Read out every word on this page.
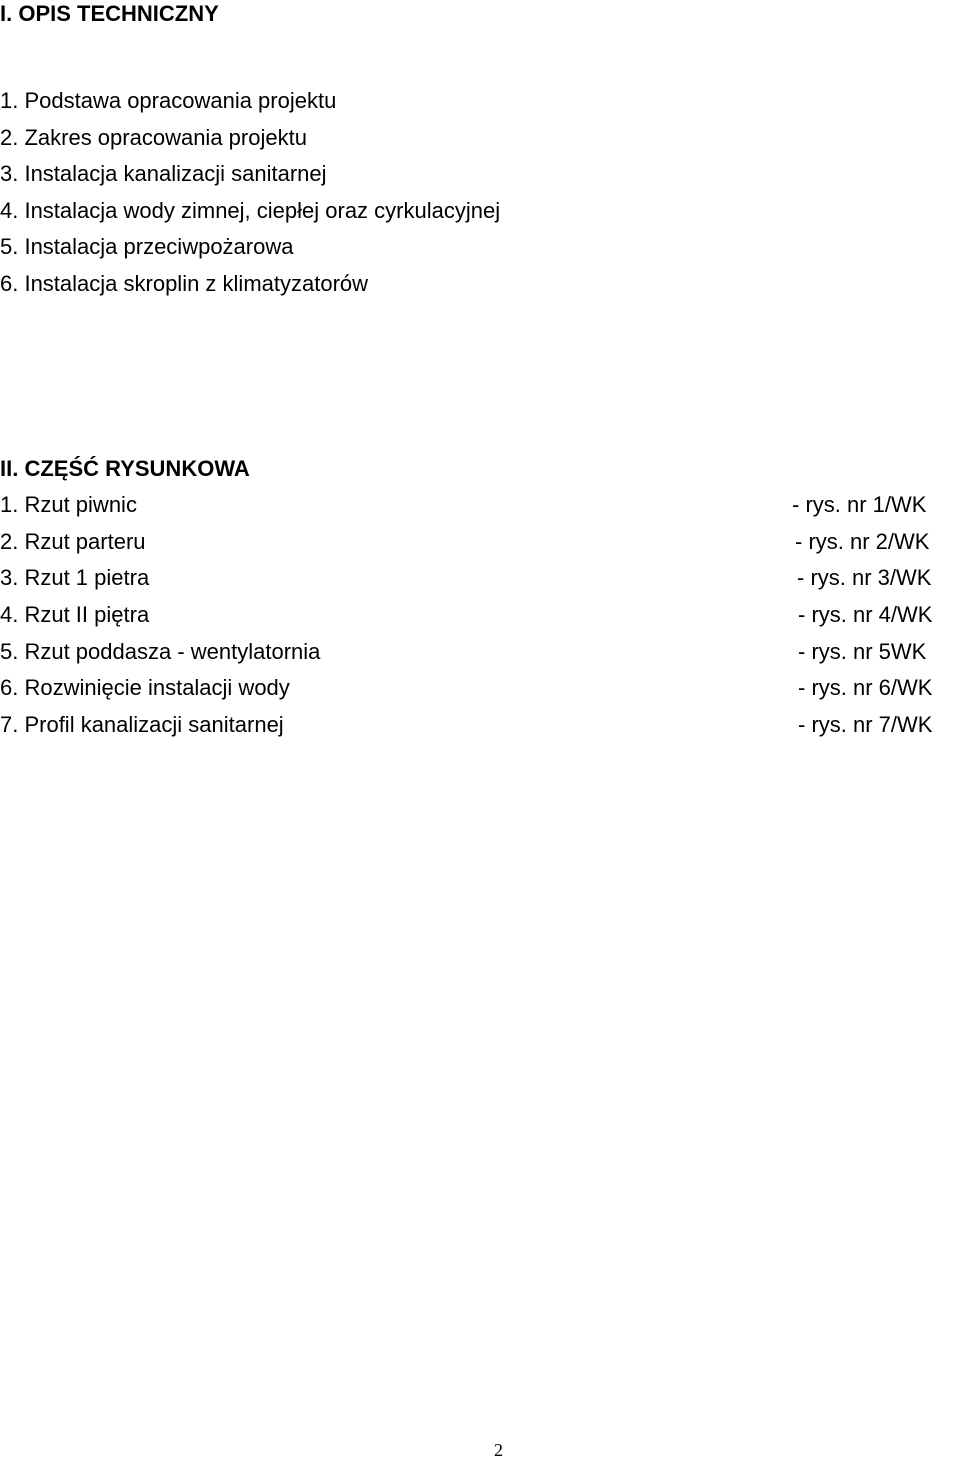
I. OPIS TECHNICZNY
1. Podstawa opracowania projektu
2. Zakres opracowania projektu
3. Instalacja kanalizacji sanitarnej
4. Instalacja wody zimnej, ciepłej oraz cyrkulacyjnej
5. Instalacja przeciwpożarowa
6. Instalacja skroplin z klimatyzatorów
II. CZĘŚĆ RYSUNKOWA
1. Rzut piwnic	- rys. nr 1/WK
2. Rzut parteru	- rys. nr 2/WK
3. Rzut 1 pietra	- rys. nr 3/WK
4. Rzut II piętra	- rys. nr 4/WK
5. Rzut poddasza - wentylatornia	- rys. nr 5WK
6. Rozwinięcie instalacji wody	- rys. nr 6/WK
7. Profil kanalizacji sanitarnej	- rys. nr 7/WK
2
